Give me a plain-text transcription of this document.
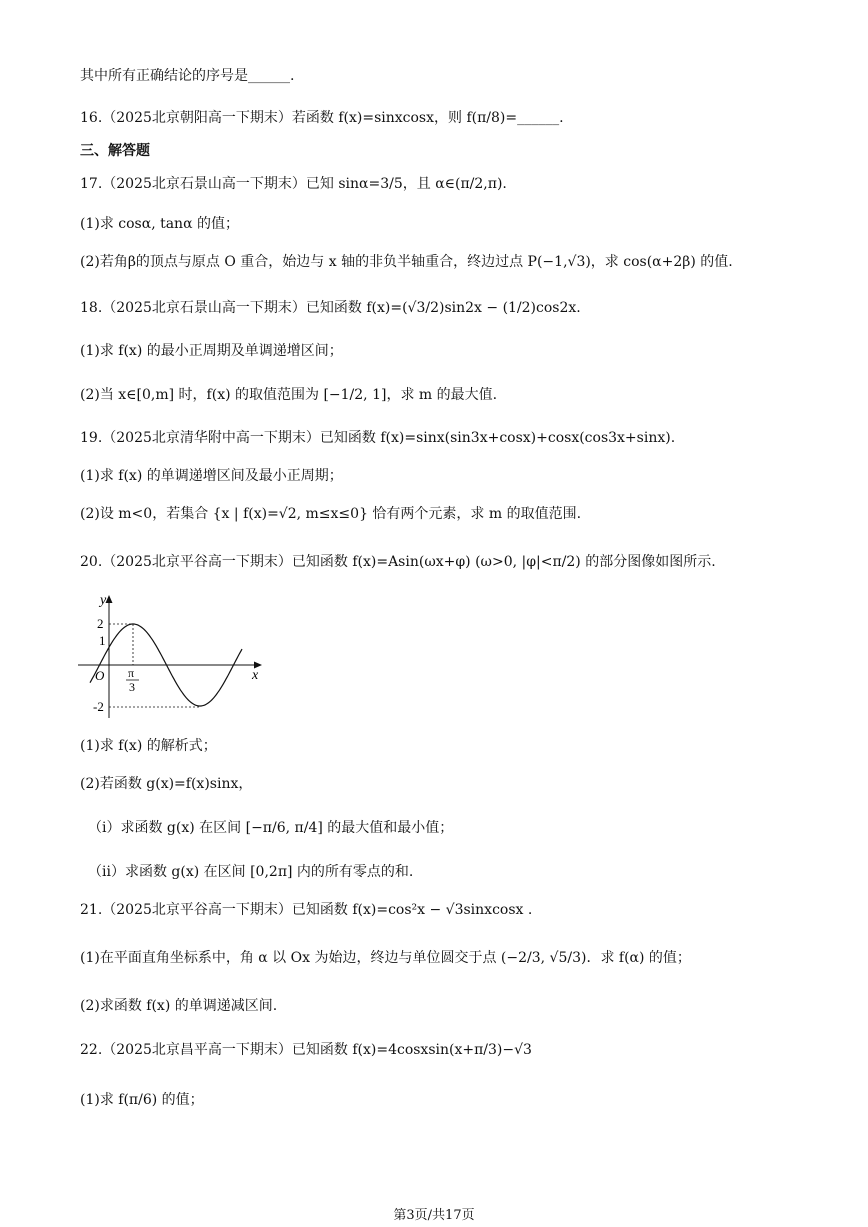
其中所有正确结论的序号是______.
16.（2025北京朝阳高一下期末）若函数 f(x)=sinxcosx，则 f(π/8)=______.
三、解答题
17.（2025北京石景山高一下期末）已知 sinα=3/5，且 α∈(π/2,π).
(1)求 cosα, tanα 的值；
(2)若角β的顶点与原点 O 重合，始边与 x 轴的非负半轴重合，终边过点 P(−1,√3)，求 cos(α+2β) 的值.
18.（2025北京石景山高一下期末）已知函数 f(x)=(√3/2)sin2x − (1/2)cos2x.
(1)求 f(x) 的最小正周期及单调递增区间；
(2)当 x∈[0,m] 时，f(x) 的取值范围为 [−1/2, 1]，求 m 的最大值.
19.（2025北京清华附中高一下期末）已知函数 f(x)=sinx(sin3x+cosx)+cosx(cos3x+sinx).
(1)求 f(x) 的单调递增区间及最小正周期；
(2)设 m<0，若集合 {x | f(x)=√2, m≤x≤0} 恰有两个元素，求 m 的取值范围.
20.（2025北京平谷高一下期末）已知函数 f(x)=Asin(ωx+φ) (ω>0, |φ|<π/2) 的部分图像如图所示.
y
x
O
2
1
-2
π
3
(1)求 f(x) 的解析式；
(2)若函数 g(x)=f(x)sinx，
（i）求函数 g(x) 在区间 [−π/6, π/4] 的最大值和最小值；
（ii）求函数 g(x) 在区间 [0,2π] 内的所有零点的和.
21.（2025北京平谷高一下期末）已知函数 f(x)=cos²x − √3sinxcosx .
(1)在平面直角坐标系中，角 α 以 Ox 为始边，终边与单位圆交于点 (−2/3, √5/3)．求 f(α) 的值；
(2)求函数 f(x) 的单调递减区间.
22.（2025北京昌平高一下期末）已知函数 f(x)=4cosxsin(x+π/3)−√3
(1)求 f(π/6) 的值；
第3页/共17页
